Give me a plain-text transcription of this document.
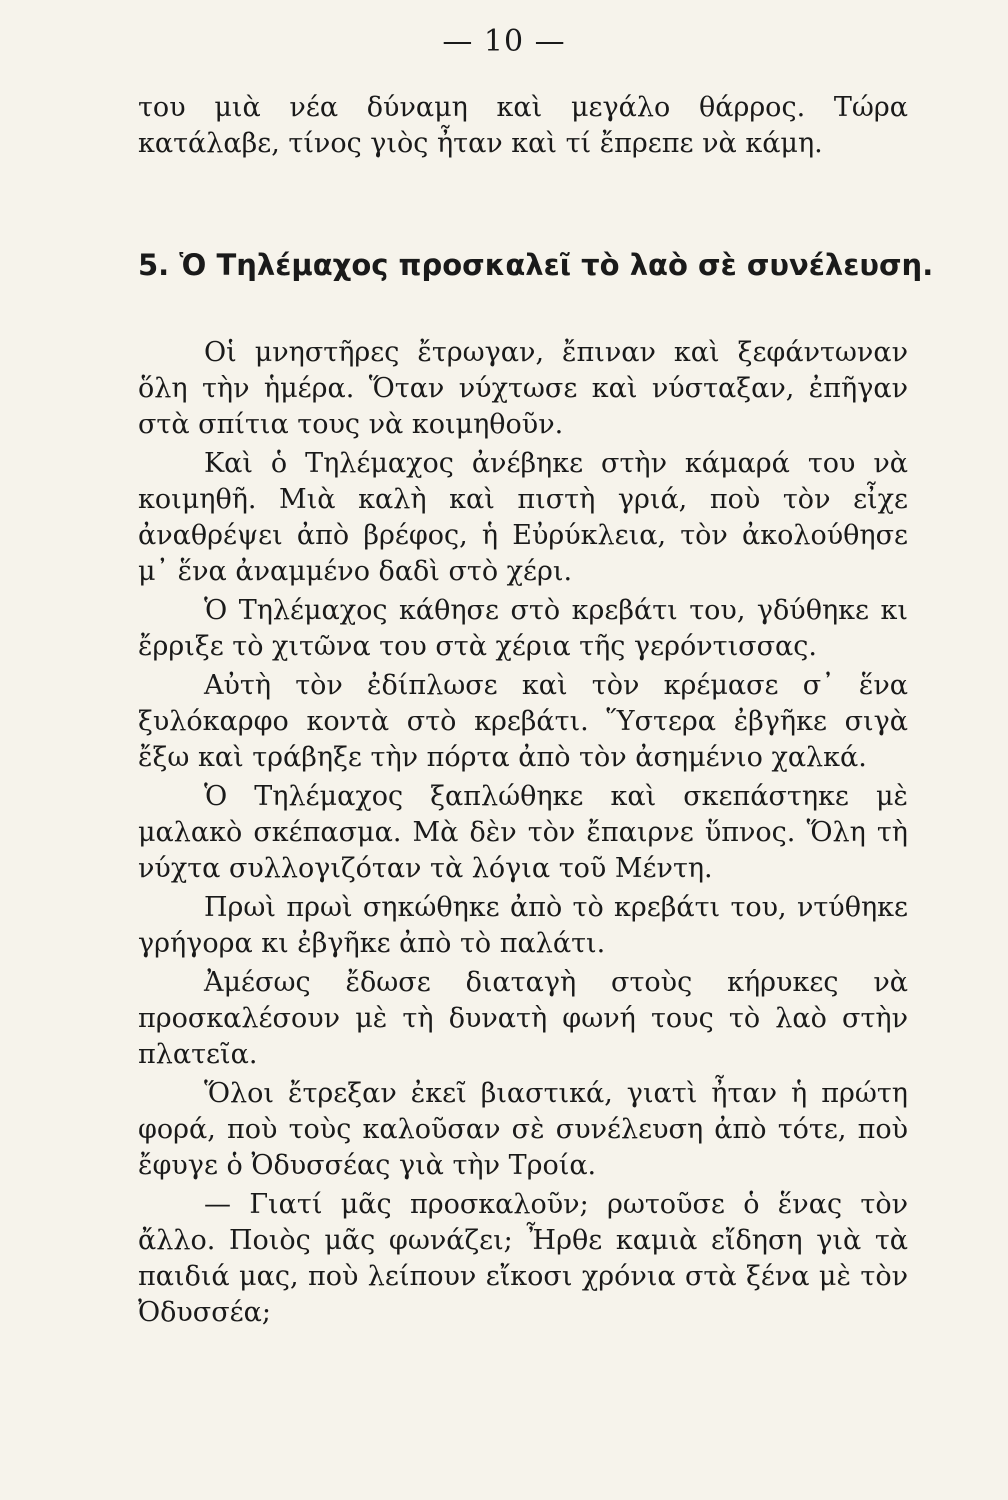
— 10 —

του μιὰ νέα δύναμη καὶ μεγάλο θάρρος. Τώρα κατάλαβε, τίνος γιὸς ἦταν καὶ τί ἔπρεπε νὰ κάμη.

5. Ὁ Τηλέμαχος προσκαλεῖ τὸ λαὸ σὲ συνέλευση.

Οἱ μνηστῆρες ἔτρωγαν, ἔπιναν καὶ ξεφάντωναν ὅλη τὴν ἡμέρα. Ὅταν νύχτωσε καὶ νύσταξαν, ἐπῆγαν στὰ σπίτια τους νὰ κοιμηθοῦν.

Καὶ ὁ Τηλέμαχος ἀνέβηκε στὴν κάμαρά του νὰ κοιμηθῆ. Μιὰ καλὴ καὶ πιστὴ γριά, ποὺ τὸν εἶχε ἀναθρέψει ἀπὸ βρέφος, ἡ Εὐρύκλεια, τὸν ἀκολούθησε μ᾽ ἕνα ἀναμμένο δαδὶ στὸ χέρι.

Ὁ Τηλέμαχος κάθησε στὸ κρεβάτι του, γδύθηκε κι ἔρριξε τὸ χιτῶνα του στὰ χέρια τῆς γερόντισσας.

Αὐτὴ τὸν ἐδίπλωσε καὶ τὸν κρέμασε σ᾽ ἕνα ξυλόκαρφο κοντὰ στὸ κρεβάτι. Ὕστερα ἐβγῆκε σιγὰ ἔξω καὶ τράβηξε τὴν πόρτα ἀπὸ τὸν ἀσημένιο χαλκά.

Ὁ Τηλέμαχος ξαπλώθηκε καὶ σκεπάστηκε μὲ μαλακὸ σκέπασμα. Μὰ δὲν τὸν ἔπαιρνε ὕπνος. Ὅλη τὴ νύχτα συλλογιζόταν τὰ λόγια τοῦ Μέντη.

Πρωὶ πρωὶ σηκώθηκε ἀπὸ τὸ κρεβάτι του, ντύθηκε γρήγορα κι ἐβγῆκε ἀπὸ τὸ παλάτι.

Ἀμέσως ἔδωσε διαταγὴ στοὺς κήρυκες νὰ προσκαλέσουν μὲ τὴ δυνατὴ φωνή τους τὸ λαὸ στὴν πλατεῖα.

Ὅλοι ἔτρεξαν ἐκεῖ βιαστικά, γιατὶ ἦταν ἡ πρώτη φορά, ποὺ τοὺς καλοῦσαν σὲ συνέλευση ἀπὸ τότε, ποὺ ἔφυγε ὁ Ὀδυσσέας γιὰ τὴν Τροία.

— Γιατί μᾶς προσκαλοῦν; ρωτοῦσε ὁ ἕνας τὸν ἄλλο. Ποιὸς μᾶς φωνάζει; Ἦρθε καμιὰ εἴδηση γιὰ τὰ παιδιά μας, ποὺ λείπουν εἴκοσι χρόνια στὰ ξένα μὲ τὸν Ὀδυσσέα;
